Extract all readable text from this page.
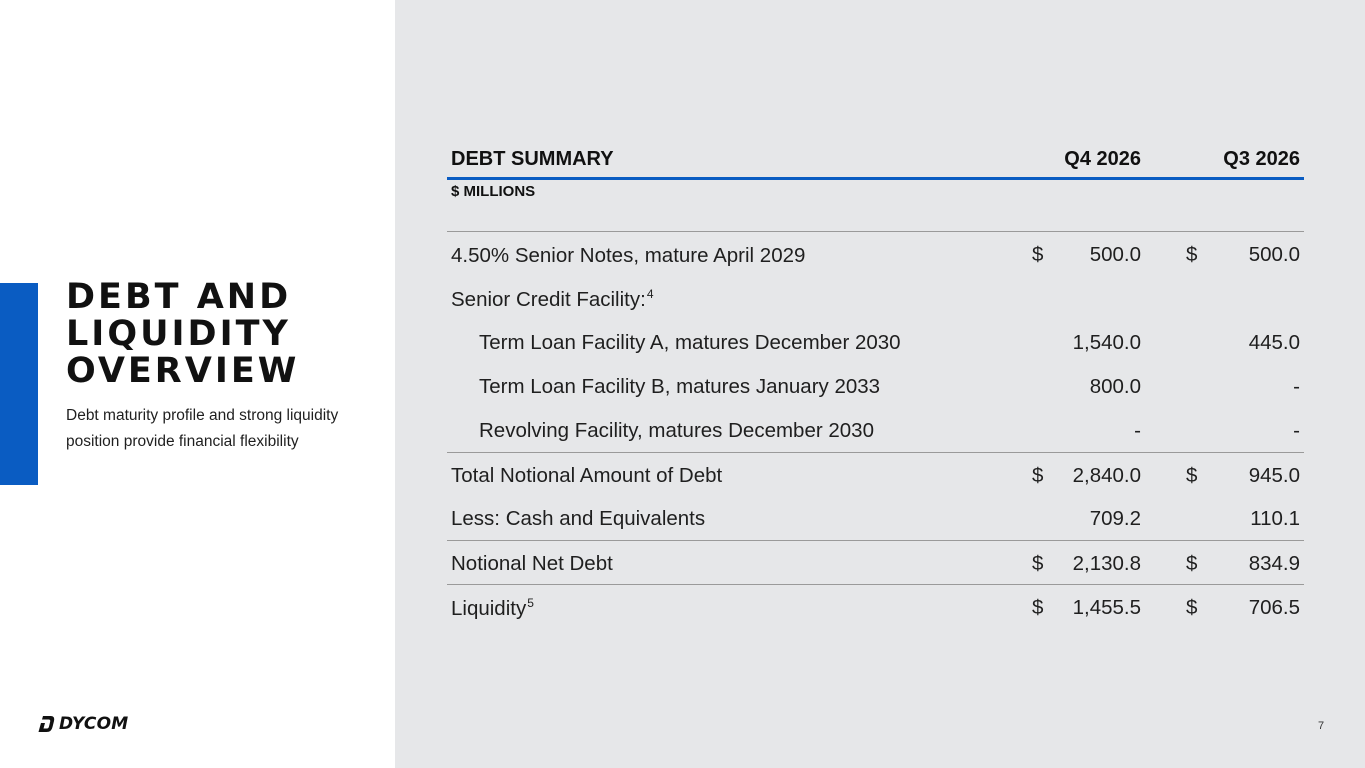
DEBT AND
LIQUIDITY
OVERVIEW

Debt maturity profile and strong liquidity position provide financial flexibility

DYCOM
DEBT SUMMARY	Q4 2026	Q3 2026
$ MILLIONS
4.50% Senior Notes, mature April 2029	$ 500.0 $	500.0
Senior Credit Facility:$^4$
Term Loan Facility A, matures December 2030	1,540.0	445.0
Term Loan Facility B, matures January 2033	800.0	-
Revolving Facility, matures December 2030	-	-
Total Notional Amount of Debt	$ 2,840.0 $	945.0
Less: Cash and Equivalents	709.2	110.1
Notional Net Debt	$ 2,130.8 $	834.9
Liquidity$^5$	$ 1,455.5 $	706.5
7
